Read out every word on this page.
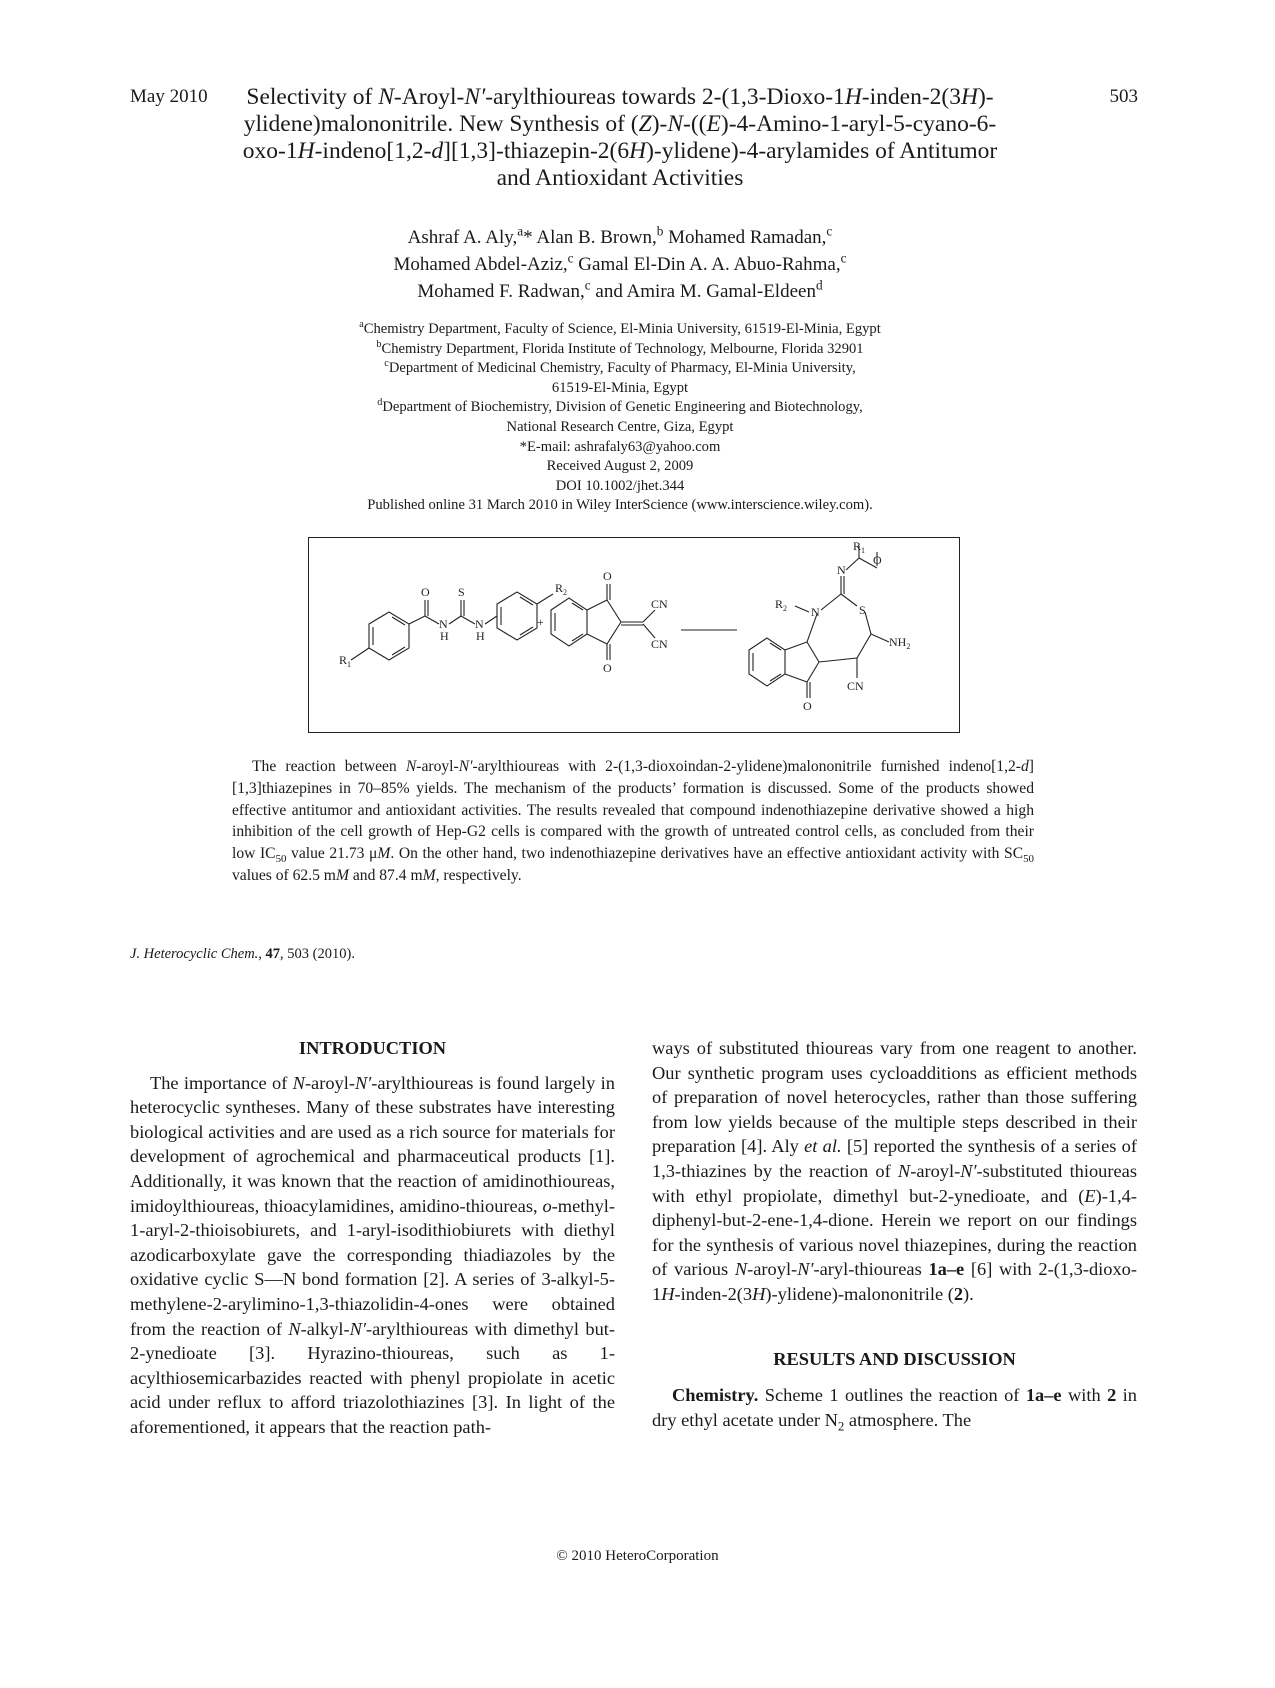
May 2010	503
Selectivity of N-Aroyl-N′-arylthioureas towards 2-(1,3-Dioxo-1H-inden-2(3H)-ylidene)malononitrile. New Synthesis of (Z)-N-((E)-4-Amino-1-aryl-5-cyano-6-oxo-1H-indeno[1,2-d][1,3]-thiazepin-2(6H)-ylidene)-4-arylamides of Antitumor and Antioxidant Activities
Ashraf A. Aly,$^a$* Alan B. Brown,$^b$ Mohamed Ramadan,$^c$
Mohamed Abdel-Aziz,$^c$ Gamal El-Din A. A. Abuo-Rahma,$^c$
Mohamed F. Radwan,$^c$ and Amira M. Gamal-Eldeen$^d$
$^a$Chemistry Department, Faculty of Science, El-Minia University, 61519-El-Minia, Egypt
$^b$Chemistry Department, Florida Institute of Technology, Melbourne, Florida 32901
$^c$Department of Medicinal Chemistry, Faculty of Pharmacy, El-Minia University,
61519-El-Minia, Egypt
$^d$Department of Biochemistry, Division of Genetic Engineering and Biotechnology,
National Research Centre, Giza, Egypt
*E-mail: ashrafaly63@yahoo.com
Received August 2, 2009
DOI 10.1002/jhet.344
Published online 31 March 2010 in Wiley InterScience (www.interscience.wiley.com).
$R_1$
O
N
H
S
N
H
$R_2$
+
O
O
CN
CN
$R_1$
O
N
$R_2$ N	S
$NH_2$
CN
O

The reaction between N-aroyl-N′-arylthioureas with 2-(1,3-dioxoindan-2-ylidene)malononitrile furnished indeno[1,2-d][1,3]thiazepines in 70–85% yields. The mechanism of the products’ formation is discussed. Some of the products showed effective antitumor and antioxidant activities. The results revealed that compound indenothiazepine derivative showed a high inhibition of the cell growth of Hep-G2 cells is compared with the growth of untreated control cells, as concluded from their low $IC_{50}$ value 21.73 μM. On the other hand, two indenothiazepine derivatives have an effective antioxidant activity with $SC_{50}$ values of 62.5 mM and 87.4 mM, respectively.

J. Heterocyclic Chem., 47, 503 (2010).
INTRODUCTION

The importance of N-aroyl-N′-arylthioureas is found largely in heterocyclic syntheses. Many of these substrates have interesting biological activities and are used as a rich source for materials for development of agrochemical and pharmaceutical products [1]. Additionally, it was known that the reaction of amidinothioureas, imidoylthioureas, thioacylamidines, amidino-thioureas, o-methyl-1-aryl-2-thioisobiurets, and 1-aryl-isodithiobiurets with diethyl azodicarboxylate gave the corresponding thiadiazoles by the oxidative cyclic S—N bond formation [2]. A series of 3-alkyl-5-methylene-2-arylimino-1,3-thiazolidin-4-ones were obtained from the reaction of N-alkyl-N′-arylthioureas with dimethyl but-2-ynedioate [3]. Hyrazino-thioureas, such as 1-acylthiosemicarbazides reacted with phenyl propiolate in acetic acid under reflux to afford triazolothiazines [3]. In light of the aforementioned, it appears that the reaction path-

ways of substituted thioureas vary from one reagent to another. Our synthetic program uses cycloadditions as efficient methods of preparation of novel heterocycles, rather than those suffering from low yields because of the multiple steps described in their preparation [4]. Aly et al. [5] reported the synthesis of a series of 1,3-thiazines by the reaction of N-aroyl-N′-substituted thioureas with ethyl propiolate, dimethyl but-2-ynedioate, and (E)-1,4-diphenyl-but-2-ene-1,4-dione. Herein we report on our findings for the synthesis of various novel thiazepines, during the reaction of various N-aroyl-N′-aryl-thioureas 1a–e [6] with 2-(1,3-dioxo-1H-inden-2(3H)-ylidene)-malononitrile (2).

RESULTS AND DISCUSSION

Chemistry. Scheme 1 outlines the reaction of 1a–e with 2 in dry ethyl acetate under $N_2$ atmosphere. The

© 2010 HeteroCorporation
